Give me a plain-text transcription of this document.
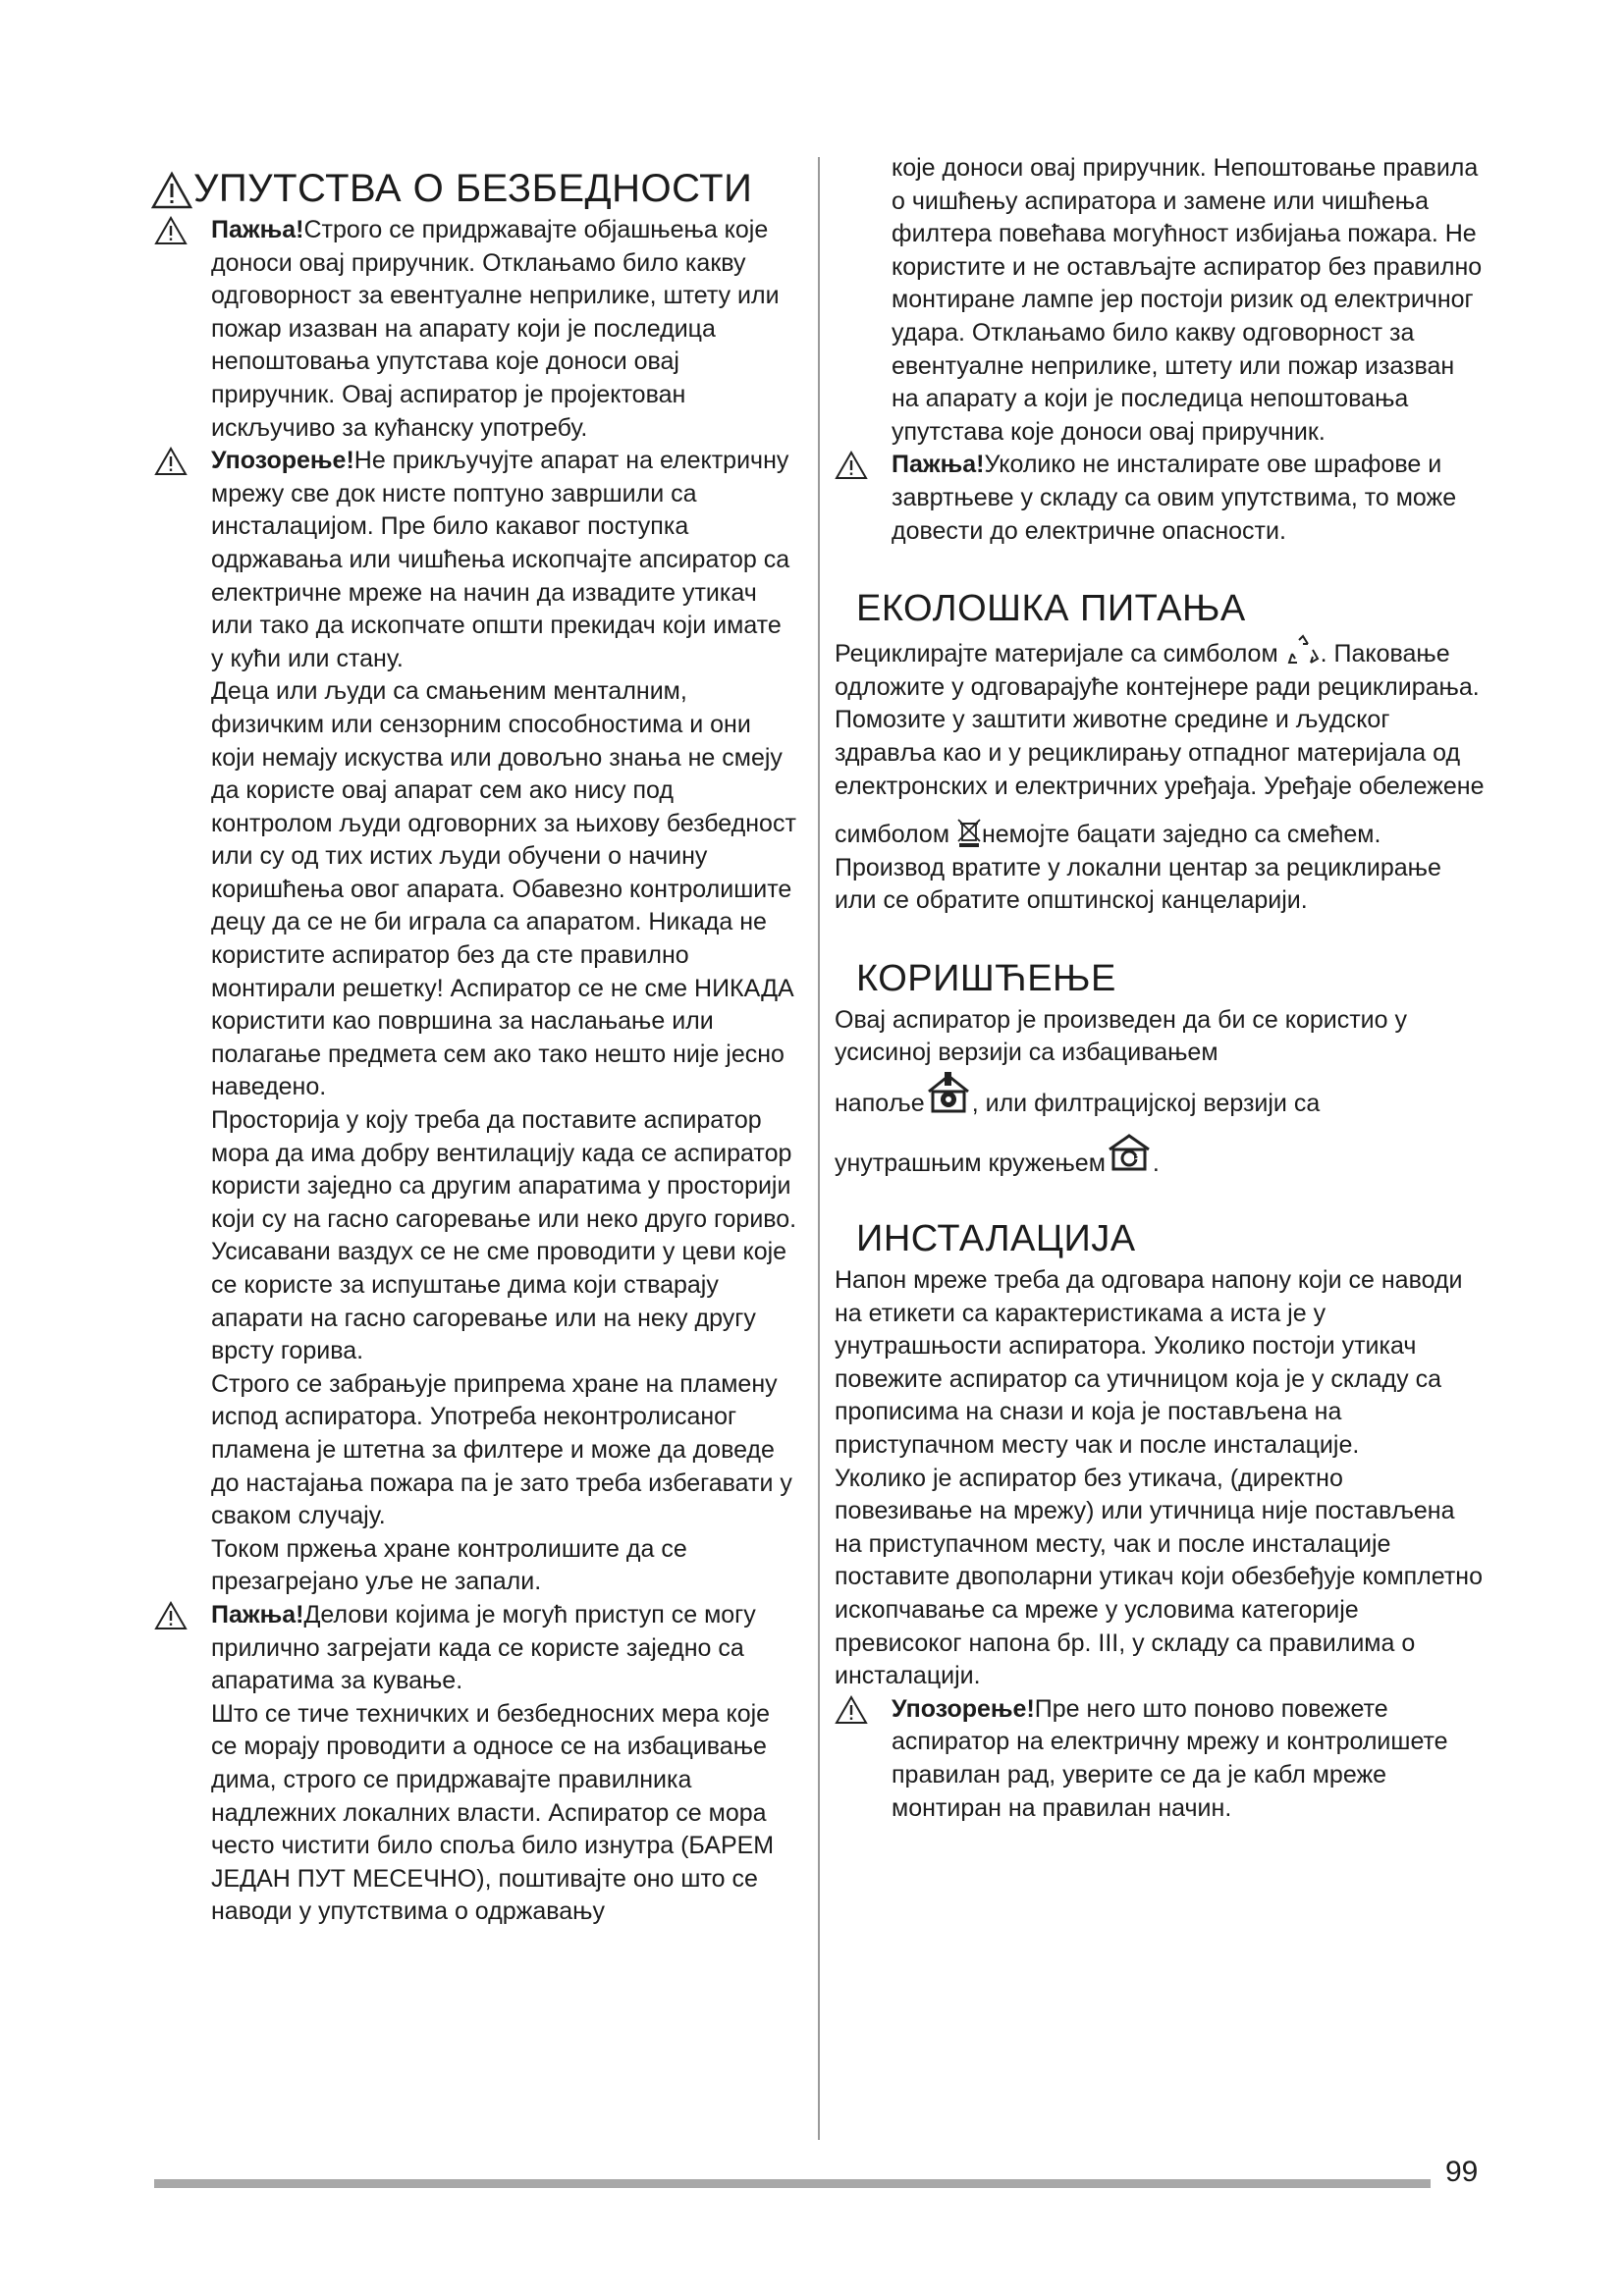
УПУТСТВА О БЕЗБЕДНОСТИ

Пажња!Строго се придржавајте објашњења које доноси овај приручник. Отклањамо било какву одговорност за евентуалне неприлике, штету или пожар изазван на апарату који је последица непоштовања упутстава које доноси овај приручник. Овај аспиратор је пројектован искључиво за кућанску употребу.

Упозорење!Не прикључујте апарат на електричну мрежу све док нисте поптуно завршили са инсталацијом. Пре било какавог поступка одржавања или чишћења ископчајте апсиратор са електричне мреже на начин да извадите утикач или тако да ископчате општи прекидач који имате у кући или стану.

Деца или људи са смањеним менталним, физичким или сензорним способностима и они који немају искуства или довољно знања не смеју да користе овај апарат сем ако нису под контролом људи одговорних за њихову безбедност или су од тих истих људи обучени о начину коришћења овог апарата. Обавезно контролишите децу да се не би играла са апаратом. Никада не користите аспиратор без да сте правилно монтирали решетку! Аспиратор се не сме НИКАДА користити као површина за наслањање или полагање предмета сем ако тако нешто није јесно наведено.

Просторија у коју треба да поставите аспиратор мора да има добру вентилацију када се аспиратор користи заједно са другим апаратима у просторији који су на гасно сагоревање или неко друго гориво.

Усисавани ваздух се не сме проводити у цеви које се користе за испуштање дима који стварају апарати на гасно сагоревање или на неку другу врсту горива.

Строго се забрањује припрема хране на пламену испод аспиратора. Употреба неконтролисаног пламена је штетна за филтере и може да доведе до настајања пожара па је зато треба избегавати у сваком случају.

Током пржења хране контролишите да се презагрејано уље не запали.

Пажња!Делови којима је могућ приступ се могу прилично загрејати када се користе заједно са апаратима за кување.

Што се тиче техничких и безбедносних мера које се морају проводити а односе се на избацивање дима, строго се придржавајте правилника надлежних локалних власти. Аспиратор се мора често чистити било споља било изнутра (БАРЕМ ЈЕДАН ПУТ МЕСЕЧНО), поштивајте оно што се наводи у упутствима о одржавању

које доноси овај приручник. Непоштовање правила о чишћењу аспиратора и замене или чишћења филтера повећава могућност избијања пожара. Не користите и не остављајте аспиратор без правилно монтиране лампе јер постоји ризик од електричног удара. Отклањамо било какву одговорност за евентуалне неприлике, штету или пожар изазван на апарату а који је последица непоштовања упутстава које доноси овај приручник.

Пажња!Уколико не инсталирате ове шрафове и завртњеве у складу са овим упутствима, то може довести до електричне опасности.

ЕКОЛОШКА ПИТАЊА

Рециклирајте материјале са симболом . Паковање одложите у одговарајуће контејнере ради рециклирања.

Помозите у заштити животне средине и људског здравља као и у рециклирању отпадног материјала од електронских и електричних уређаја. Уређаје обележене

симболом немојте бацати заједно са смећем. Производ вратите у локални центар за рециклирање или се обратите општинској канцеларији.

КОРИШЋЕЊЕ

Овај аспиратор је произведен да би се користио у усисиној верзији са избацивањем

напоље , или филтрацијској верзији са

унутрашњим кружењем .

ИНСТАЛАЦИЈА

Напон мреже треба да одговара напону који се наводи на етикети са карактеристикама а иста је у унутрашњости аспиратора. Уколико постоји утикач повежите аспиратор са утичницом која је у складу са прописима на снази и која је постављена на приступачном месту чак и после инсталације.

Уколико је аспиратор без утикача, (директно повезивање на мрежу) или утичница није постављена на приступачном месту, чак и после инсталације поставите двополарни утикач који обезбеђује комплетно ископчавање са мреже у условима категорије превисоког напона бр. III, у складу са правилима о инсталацији.

Упозорење!Пре него што поново повежете аспиратор на електричну мрежу и контролишете правилан рад, уверите се да је кабл мреже монтиран на правилан начин.

99
